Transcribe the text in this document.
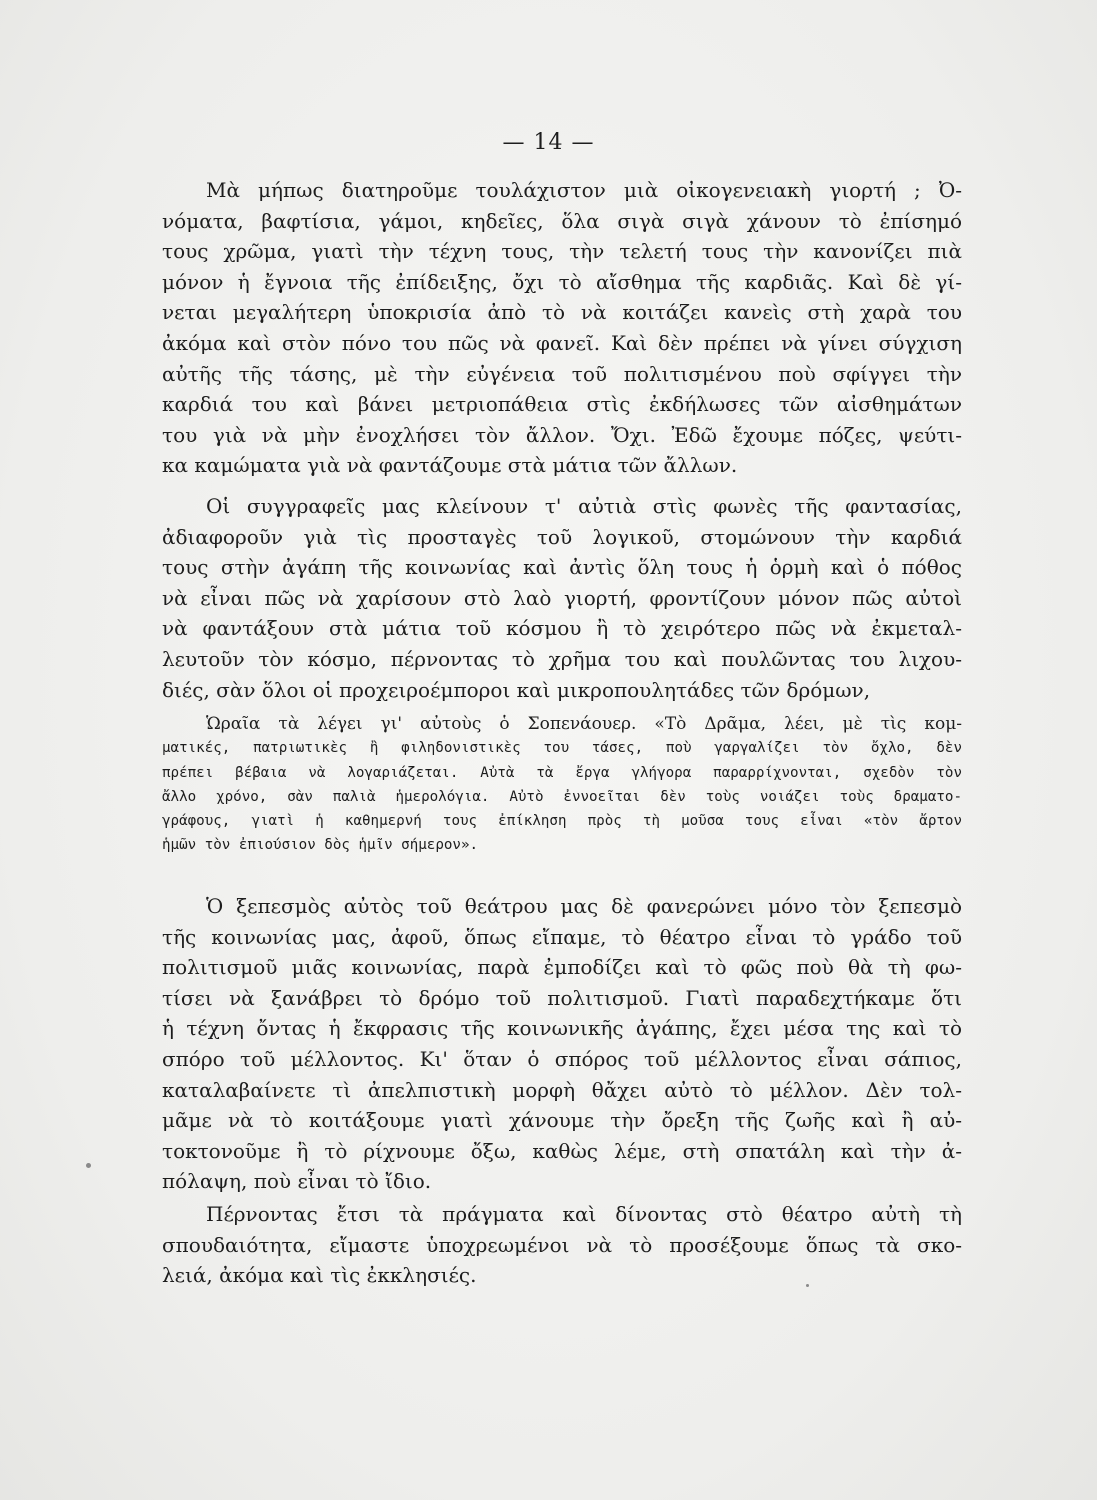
— 14 —
Μὰ μήπως διατηροῦμε τουλάχιστον μιὰ οἰκογενειακὴ γιορτή ; Ὀ-
νόματα, βαφτίσια, γάμοι, κηδεῖες, ὅλα σιγὰ σιγὰ χάνουν τὸ ἐπίσημό
τους χρῶμα, γιατὶ τὴν τέχνη τους, τὴν τελετή τους τὴν κανονίζει πιὰ
μόνον ἡ ἔγνοια τῆς ἐπίδειξης, ὄχι τὸ αἴσθημα τῆς καρδιᾶς. Καὶ δὲ γί-
νεται μεγαλήτερη ὑποκρισία ἀπὸ τὸ νὰ κοιτάζει κανεὶς στὴ χαρὰ του
ἀκόμα καὶ στὸν πόνο του πῶς νὰ φανεῖ. Καὶ δὲν πρέπει νὰ γίνει σύγχιση
αὐτῆς τῆς τάσης, μὲ τὴν εὐγένεια τοῦ πολιτισμένου ποὺ σφίγγει τὴν
καρδιά του καὶ βάνει μετριοπάθεια στὶς ἐκδήλωσες τῶν αἰσθημάτων
του γιὰ νὰ μὴν ἐνοχλήσει τὸν ἄλλον. Ὄχι. Ἐδῶ ἔχουμε πόζες, ψεύτι-
κα καμώματα γιὰ νὰ φαντάζουμε στὰ μάτια τῶν ἄλλων.
Οἱ συγγραφεῖς μας κλείνουν τ' αὐτιὰ στὶς φωνὲς τῆς φαντασίας,
ἀδιαφοροῦν γιὰ τὶς προσταγὲς τοῦ λογικοῦ, στομώνουν τὴν καρδιά
τους στὴν ἀγάπη τῆς κοινωνίας καὶ ἀντὶς ὅλη τους ἡ ὁρμὴ καὶ ὁ πόθος
νὰ εἶναι πῶς νὰ χαρίσουν στὸ λαὸ γιορτή, φροντίζουν μόνον πῶς αὐτοὶ
νὰ φαντάξουν στὰ μάτια τοῦ κόσμου ἢ τὸ χειρότερο πῶς νὰ ἐκμεταλ-
λευτοῦν τὸν κόσμο, πέρνοντας τὸ χρῆμα του καὶ πουλῶντας του λιχου-
διές, σὰν ὅλοι οἱ προχειροέμποροι καὶ μικροπουλητάδες τῶν δρόμων,
Ὡραῖα τὰ λέγει γι' αὐτοὺς ὁ Σοπενάουερ. «Τὸ Δρᾶμα, λέει, μὲ τὶς κομ-
ματικές, πατριωτικὲς ἢ φιληδονιστικὲς του τάσες, ποὺ γαργαλίζει τὸν ὄχλο, δὲν
πρέπει βέβαια νὰ λογαριάζεται. Αὐτὰ τὰ ἔργα γλήγορα παραρρίχνονται, σχεδὸν τὸν
ἄλλο χρόνο, σὰν παλιὰ ἡμερολόγια. Αὐτὸ ἐννοεῖται δὲν τοὺς νοιάζει τοὺς δραματο-
γράφους, γιατὶ ἡ καθημερνή τους ἐπίκληση πρὸς τὴ μοῦσα τους εἶναι «τὸν ἄρτον
ἡμῶν τὸν ἐπιούσιον δὸς ἡμῖν σήμερον».
Ὁ ξεπεσμὸς αὐτὸς τοῦ θεάτρου μας δὲ φανερώνει μόνο τὸν ξεπεσμὸ
τῆς κοινωνίας μας, ἀφοῦ, ὅπως εἴπαμε, τὸ θέατρο εἶναι τὸ γράδο τοῦ
πολιτισμοῦ μιᾶς κοινωνίας, παρὰ ἐμποδίζει καὶ τὸ φῶς ποὺ θὰ τὴ φω-
τίσει νὰ ξανάβρει τὸ δρόμο τοῦ πολιτισμοῦ. Γιατὶ παραδεχτήκαμε ὅτι
ἡ τέχνη ὄντας ἡ ἔκφρασις τῆς κοινωνικῆς ἀγάπης, ἔχει μέσα της καὶ τὸ
σπόρο τοῦ μέλλοντος. Κι' ὅταν ὁ σπόρος τοῦ μέλλοντος εἶναι σάπιος,
καταλαβαίνετε τὶ ἀπελπιστικὴ μορφὴ θἄχει αὐτὸ τὸ μέλλον. Δὲν τολ-
μᾶμε νὰ τὸ κοιτάξουμε γιατὶ χάνουμε τὴν ὄρεξη τῆς ζωῆς καὶ ἢ αὐ-
τοκτονοῦμε ἢ τὸ ρίχνουμε ὄξω, καθὼς λέμε, στὴ σπατάλη καὶ τὴν ἀ-
πόλαψη, ποὺ εἶναι τὸ ἴδιο.
Πέρνοντας ἔτσι τὰ πράγματα καὶ δίνοντας στὸ θέατρο αὐτὴ τὴ
σπουδαιότητα, εἴμαστε ὑποχρεωμένοι νὰ τὸ προσέξουμε ὅπως τὰ σκο-
λειά, ἀκόμα καὶ τὶς ἐκκλησιές.
